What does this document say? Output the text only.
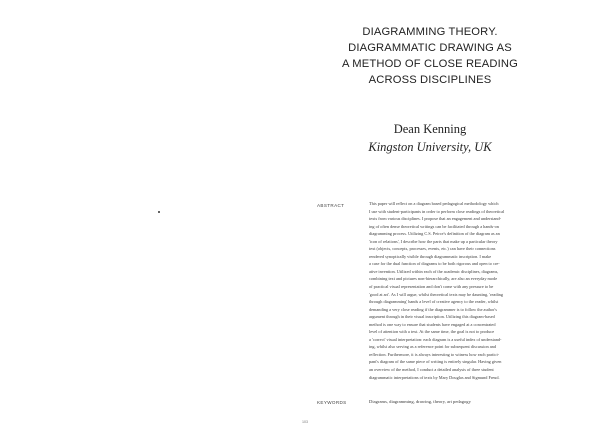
DIAGRAMMING THEORY.
DIAGRAMMATIC DRAWING AS
A METHOD OF CLOSE READING
ACROSS DISCIPLINES
Dean Kenning
Kingston University, UK
ABSTRACT	This paper will reflect on a diagram based pedagogical methodology which
I use with student-participants in order to perform close readings of theoretical
texts from various disciplines. I propose that an engagement and understand-
ing of often dense theoretical writings can be facilitated through a hands-on
diagramming process. Utilizing C.S. Peirce's definition of the diagram as an
'icon of relations', I describe how the parts that make up a particular theory
text (objects, concepts, processes, events, etc.) can have their connections
rendered synoptically visible through diagrammatic inscription. I make
a case for the dual function of diagrams to be both rigorous and open to cre-
ative invention. Utilized within each of the academic disciplines, diagrams,
combining text and pictures non-hierarchically, are also an everyday mode
of practical visual representation and don't come with any pressure to be
'good at art'. As I will argue, whilst theoretical texts may be daunting, 'reading
through diagramming' hands a level of creative agency to the reader, whilst
demanding a very close reading if the diagrammer is to follow the author's
argument through in their visual inscription. Utilizing this diagram-based
method is one way to ensure that students have engaged at a concentrated
level of attention with a text. At the same time, the goal is not to produce
a 'correct' visual interpretation: each diagram is a useful index of understand-
ing, whilst also serving as a reference point for subsequent discussion and
reflection. Furthermore, it is always interesting to witness how each partici-
pant's diagram of the same piece of writing is entirely singular. Having given
an overview of the method, I conduct a detailed analysis of three student
diagrammatic interpretations of texts by Mary Douglas and Sigmund Freud.
KEYWORDS	Diagrams, diagramming, drawing, theory, art pedagogy
103
